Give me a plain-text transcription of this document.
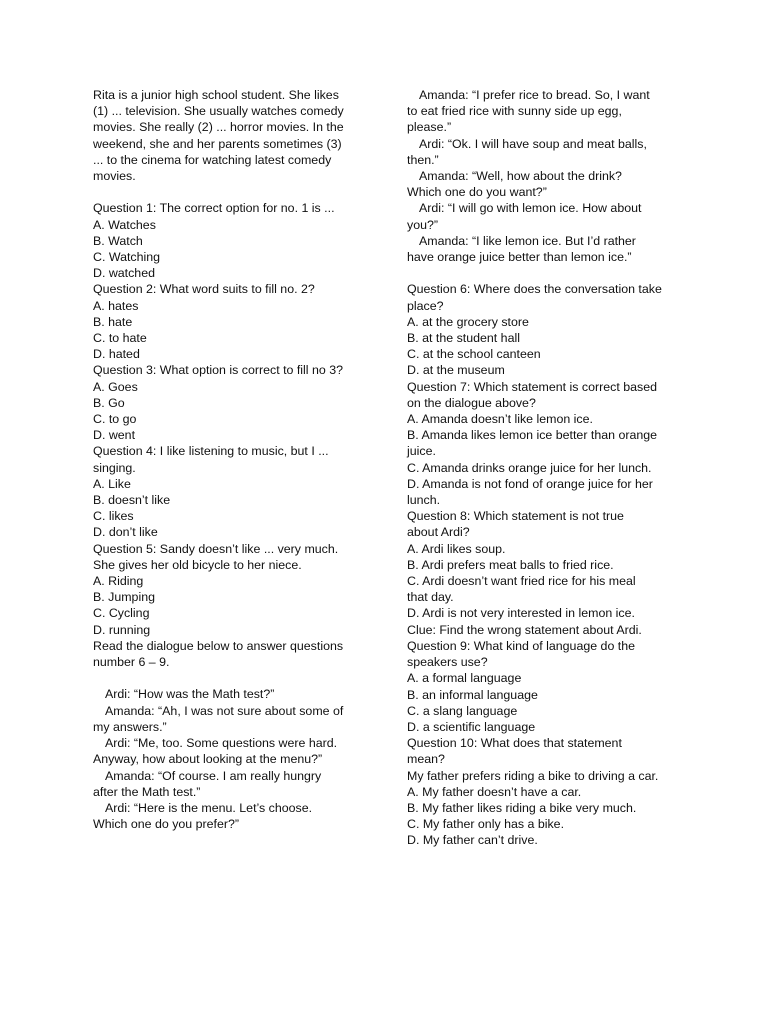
Rita is a junior high school student. She likes
(1) ... television. She usually watches comedy
movies. She really (2) ... horror movies. In the
weekend, she and her parents sometimes (3)
... to the cinema for watching latest comedy
movies.
Question 1: The correct option for no. 1 is ...
A. Watches
B. Watch
C. Watching
D. watched
Question 2: What word suits to fill no. 2?
A. hates
B. hate
C. to hate
D. hated
Question 3: What option is correct to fill no 3?
A. Goes
B. Go
C. to go
D. went
Question 4: I like listening to music, but I ...
singing.
A. Like
B. doesn’t like
C. likes
D. don’t like
Question 5: Sandy doesn’t like ... very much.
She gives her old bicycle to her niece.
A. Riding
B. Jumping
C. Cycling
D. running
Read the dialogue below to answer questions
number 6 – 9.
Ardi: “How was the Math test?”
Amanda: “Ah, I was not sure about some of
my answers.”
Ardi: “Me, too. Some questions were hard.
Anyway, how about looking at the menu?”
Amanda: “Of course. I am really hungry
after the Math test.”
Ardi: “Here is the menu. Let’s choose.
Which one do you prefer?”
Amanda: “I prefer rice to bread. So, I want
to eat fried rice with sunny side up egg,
please.”
Ardi: “Ok. I will have soup and meat balls,
then.”
Amanda: “Well, how about the drink?
Which one do you want?”
Ardi: “I will go with lemon ice. How about
you?”
Amanda: “I like lemon ice. But I’d rather
have orange juice better than lemon ice.”
Question 6: Where does the conversation take
place?
A. at the grocery store
B. at the student hall
C. at the school canteen
D. at the museum
Question 7: Which statement is correct based
on the dialogue above?
A. Amanda doesn’t like lemon ice.
B. Amanda likes lemon ice better than orange
juice.
C. Amanda drinks orange juice for her lunch.
D. Amanda is not fond of orange juice for her
lunch.
Question 8: Which statement is not true
about Ardi?
A. Ardi likes soup.
B. Ardi prefers meat balls to fried rice.
C. Ardi doesn’t want fried rice for his meal
that day.
D. Ardi is not very interested in lemon ice.
Clue: Find the wrong statement about Ardi.
Question 9: What kind of language do the
speakers use?
A. a formal language
B. an informal language
C. a slang language
D. a scientific language
Question 10: What does that statement
mean?
My father prefers riding a bike to driving a car.
A. My father doesn’t have a car.
B. My father likes riding a bike very much.
C. My father only has a bike.
D. My father can’t drive.
